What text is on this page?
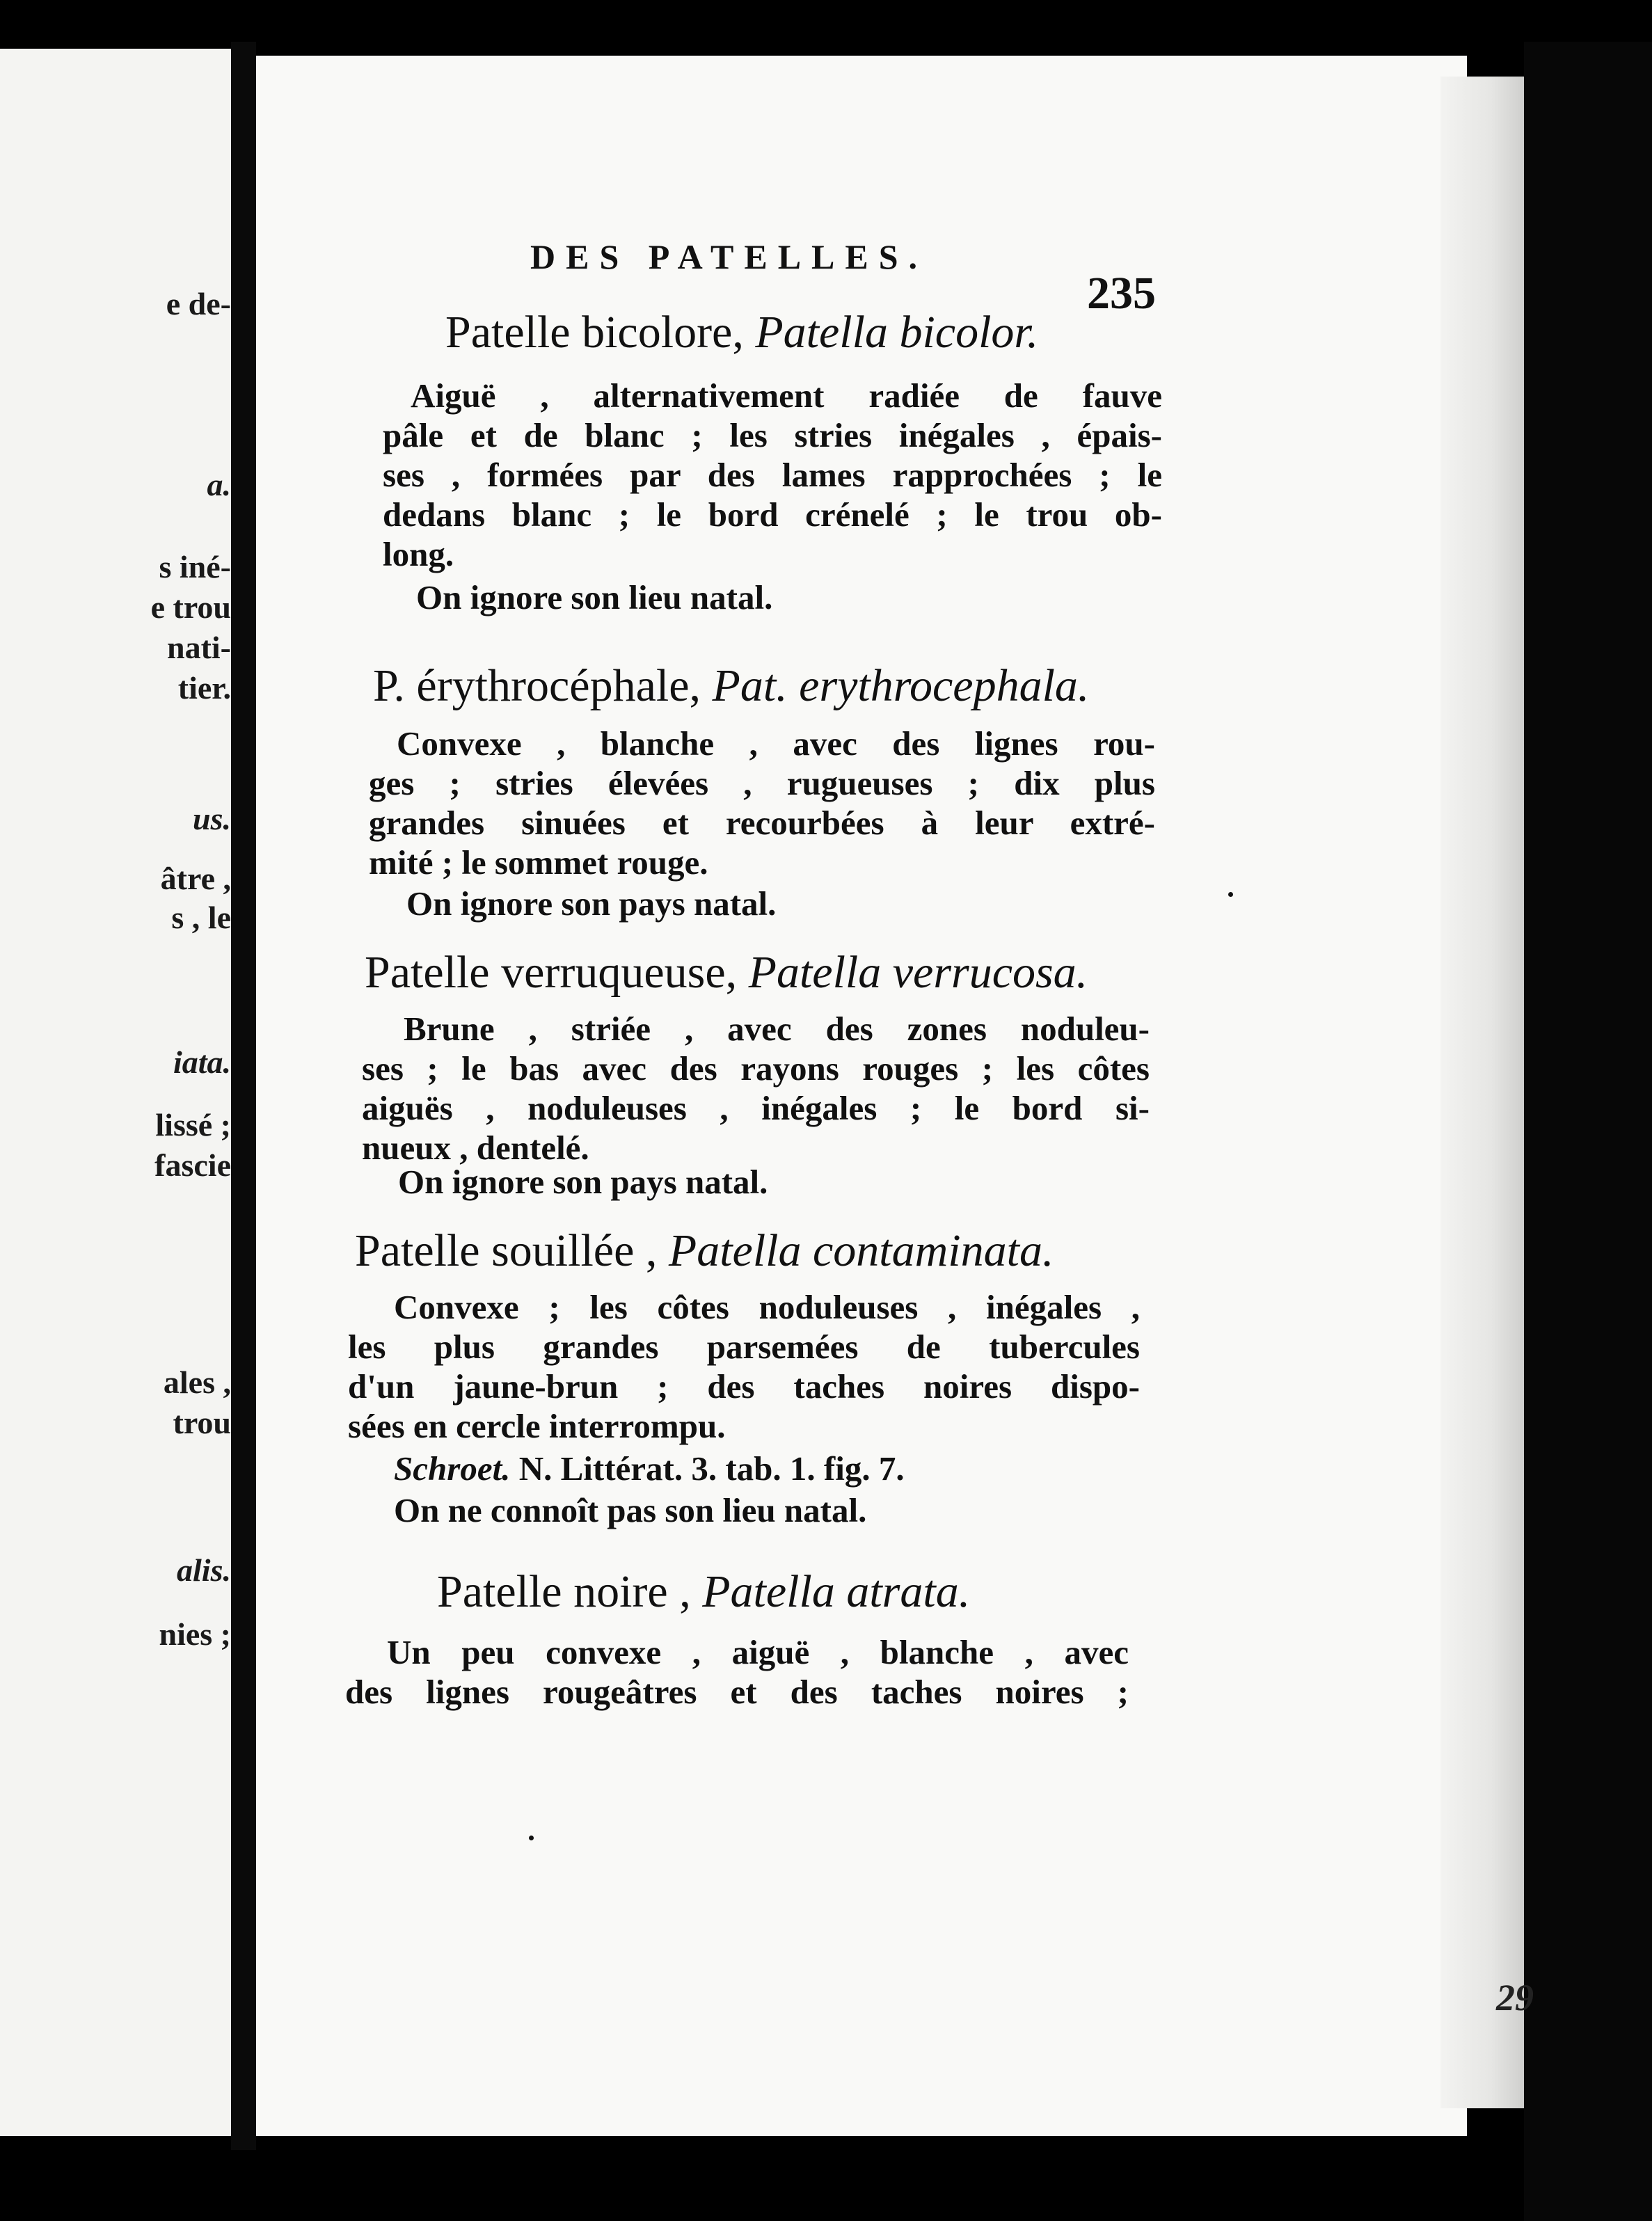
e de-

a.

s iné-

e trou

nati-

tier.

us.

âtre ,

s , le

iata.

lissé ;

fascie

ales ,

trou

alis.

nies ;

DES PATELLES.
235
Patelle bicolore, Patella bicolor.

Aiguë , alternativement radiée de fauve
pâle et de blanc ; les stries inégales , épais-
ses , formées par des lames rapprochées ; le
dedans blanc ; le bord crénelé ; le trou ob-
long.

On ignore son lieu natal.

P. érythrocéphale, Pat. erythrocephala.

Convexe , blanche , avec des lignes rou-
ges ; stries élevées , rugueuses ; dix plus
grandes sinuées et recourbées à leur extré-
mité ; le sommet rouge.

On ignore son pays natal.

Patelle verruqueuse, Patella verrucosa.

Brune , striée , avec des zones noduleu-
ses ; le bas avec des rayons rouges ; les côtes
aiguës , noduleuses , inégales ; le bord si-
nueux , dentelé.

On ignore son pays natal.

Patelle souillée , Patella contaminata.

Convexe ; les côtes noduleuses , inégales ,
les plus grandes parsemées de tubercules
d'un jaune-brun ; des taches noires dispo-
sées en cercle interrompu.

Schroet. N. Littérat. 3. tab. 1. fig. 7.

On ne connoît pas son lieu natal.

Patelle noire , Patella atrata.

Un peu convexe , aiguë , blanche , avec
des lignes rougeâtres et des taches noires ;

29
